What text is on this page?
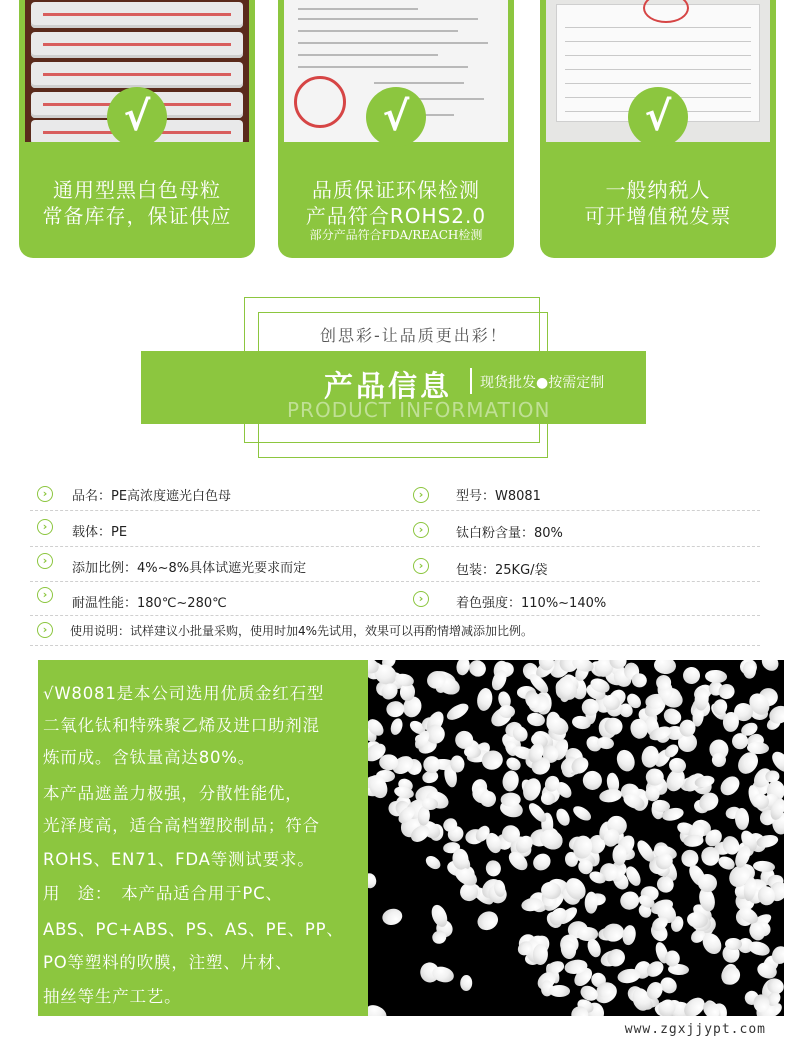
√
通用型黑白色母粒
常备库存，保证供应
√
品质保证环保检测
产品符合ROHS2.0
部分产品符合FDA/REACH检测
√
一般纳税人
可开增值税发票
创思彩-让品质更出彩！
产品信息 现货批发●按需定制
PRODUCT INFORMATION
›	品名：PE高浓度遮光白色母	›	型号：W8081
›	载体：PE	›	钛白粉含量：80%
›
添加比例：4%~8%具体试遮光要求而定	›	包装：25KG/袋
›
耐温性能：180℃~280℃	›	着色强度：110%~140%
›	使用说明：试样建议小批量采购，使用时加4%先试用，效果可以再酌情增减添加比例。
√W8081是本公司选用优质金红石型
二氧化钛和特殊聚乙烯及进口助剂混
炼而成。含钛量高达80%。
本产品遮盖力极强，分散性能优，
光泽度高，适合高档塑胶制品；符合
ROHS、EN71、FDA等测试要求。
用　途：　本产品适合用于PC、
ABS、PC+ABS、PS、AS、PE、PP、
PO等塑料的吹膜，注塑、片材、
抽丝等生产工艺。
www.zgxjjypt.com
